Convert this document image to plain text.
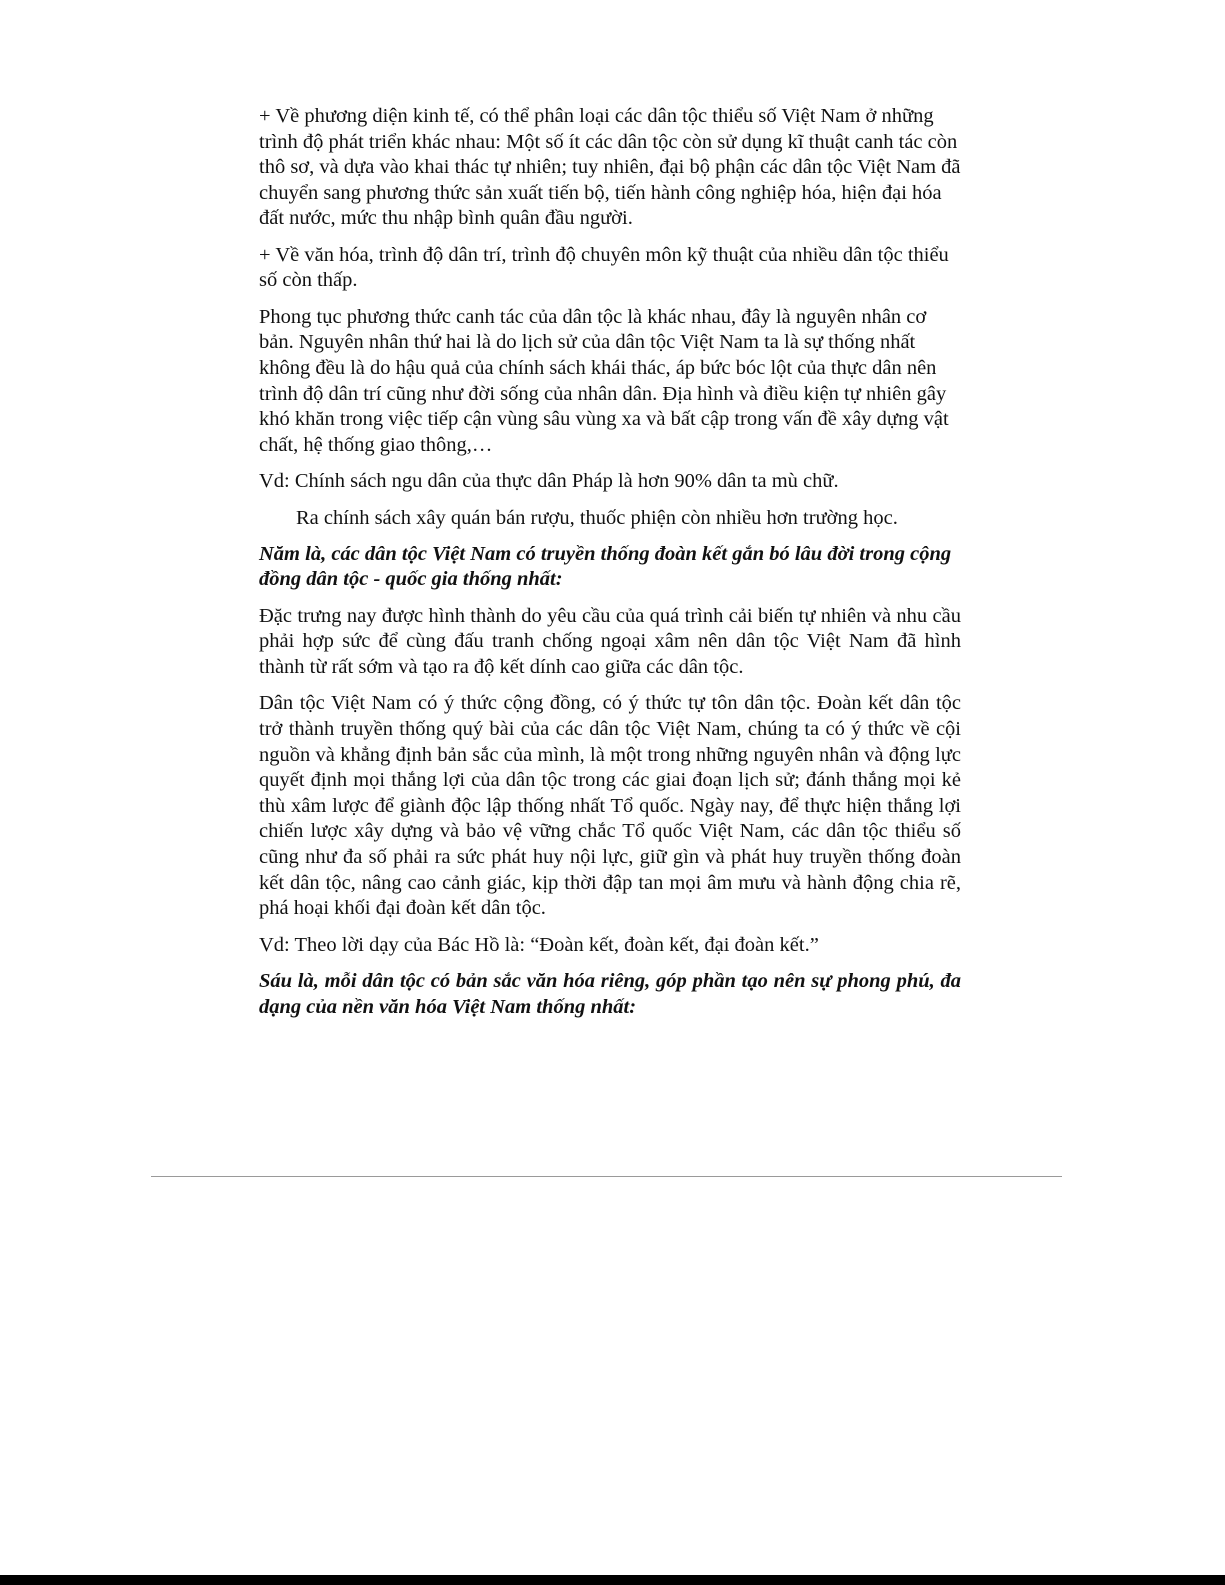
+ Về phương diện kinh tế, có thể phân loại các dân tộc thiểu số Việt Nam ở những trình độ phát triển khác nhau: Một số ít các dân tộc còn sử dụng kĩ thuật canh tác còn thô sơ, và dựa vào khai thác tự nhiên; tuy nhiên, đại bộ phận các dân tộc Việt Nam đã chuyển sang phương thức sản xuất tiến bộ, tiến hành công nghiệp hóa, hiện đại hóa đất nước, mức thu nhập bình quân đầu người.

+ Về văn hóa, trình độ dân trí, trình độ chuyên môn kỹ thuật của nhiều dân tộc thiểu số còn thấp.

Phong tục phương thức canh tác của dân tộc là khác nhau, đây là nguyên nhân cơ bản. Nguyên nhân thứ hai là do lịch sử của dân tộc Việt Nam ta là sự thống nhất không đều là do hậu quả của chính sách khái thác, áp bức bóc lột của thực dân nên trình độ dân trí cũng như đời sống của nhân dân. Địa hình và điều kiện tự nhiên gây khó khăn trong việc tiếp cận vùng sâu vùng xa và bất cập trong vấn đề xây dựng vật chất, hệ thống giao thông,…

Vd: Chính sách ngu dân của thực dân Pháp là hơn 90% dân ta mù chữ.

Ra chính sách xây quán bán rượu, thuốc phiện còn nhiều hơn trường học.

Năm là, các dân tộc Việt Nam có truyền thống đoàn kết gắn bó lâu đời trong cộng đồng dân tộc - quốc gia thống nhất:

Đặc trưng nay được hình thành do yêu cầu của quá trình cải biến tự nhiên và nhu cầu phải hợp sức để cùng đấu tranh chống ngoại xâm nên dân tộc Việt Nam đã hình thành từ rất sớm và tạo ra độ kết dính cao giữa các dân tộc.

Dân tộc Việt Nam có ý thức cộng đồng, có ý thức tự tôn dân tộc. Đoàn kết dân tộc trở thành truyền thống quý bài của các dân tộc Việt Nam, chúng ta có ý thức về cội nguồn và khẳng định bản sắc của mình, là một trong những nguyên nhân và động lực quyết định mọi thắng lợi của dân tộc trong các giai đoạn lịch sử; đánh thắng mọi kẻ thù xâm lược để giành độc lập thống nhất Tổ quốc. Ngày nay, để thực hiện thắng lợi chiến lược xây dựng và bảo vệ vững chắc Tổ quốc Việt Nam, các dân tộc thiểu số cũng như đa số phải ra sức phát huy nội lực, giữ gìn và phát huy truyền thống đoàn kết dân tộc, nâng cao cảnh giác, kịp thời đập tan mọi âm mưu và hành động chia rẽ, phá hoại khối đại đoàn kết dân tộc.

Vd: Theo lời dạy của Bác Hồ là: “Đoàn kết, đoàn kết, đại đoàn kết.”

Sáu là, mỗi dân tộc có bản sắc văn hóa riêng, góp phần tạo nên sự phong phú, đa dạng của nền văn hóa Việt Nam thống nhất:
